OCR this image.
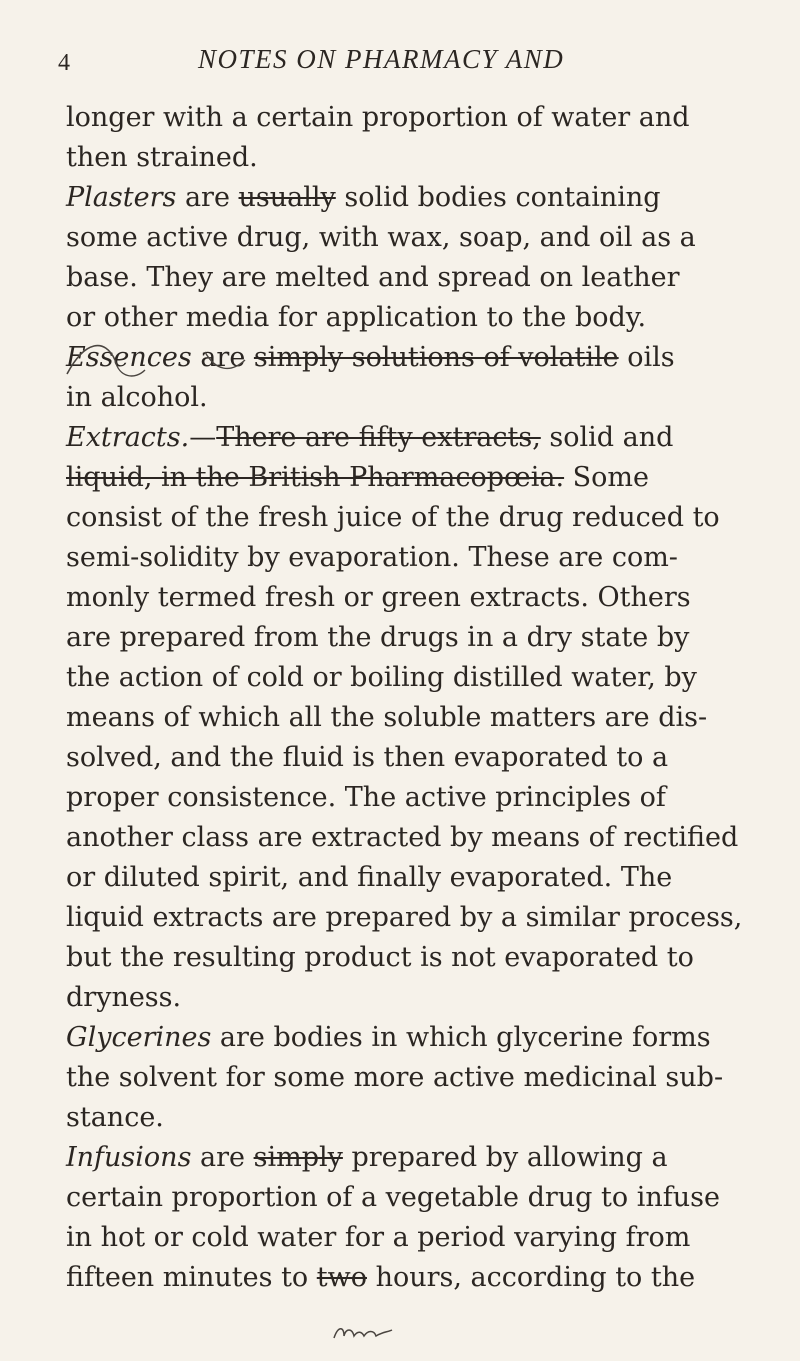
4	NOTES ON PHARMACY AND
longer with a certain proportion of water and
then strained.
Plasters are usually solid bodies containing
some active drug, with wax, soap, and oil as a
base. They are melted and spread on leather
or other media for application to the body.
Essences are simply solutions of volatile oils
in alcohol.
Extracts.—There are fifty extracts, solid and
liquid, in the British Pharmacopœia. Some
consist of the fresh juice of the drug reduced to
semi-solidity by evaporation. These are com-
monly termed fresh or green extracts. Others
are prepared from the drugs in a dry state by
the action of cold or boiling distilled water, by
means of which all the soluble matters are dis-
solved, and the fluid is then evaporated to a
proper consistence. The active principles of
another class are extracted by means of rectified
or diluted spirit, and finally evaporated. The
liquid extracts are prepared by a similar process,
but the resulting product is not evaporated to
dryness.
Glycerines are bodies in which glycerine forms
the solvent for some more active medicinal sub-
stance.
Infusions are simply prepared by allowing a
certain proportion of a vegetable drug to infuse
in hot or cold water for a period varying from
fifteen minutes to two hours, according to the
